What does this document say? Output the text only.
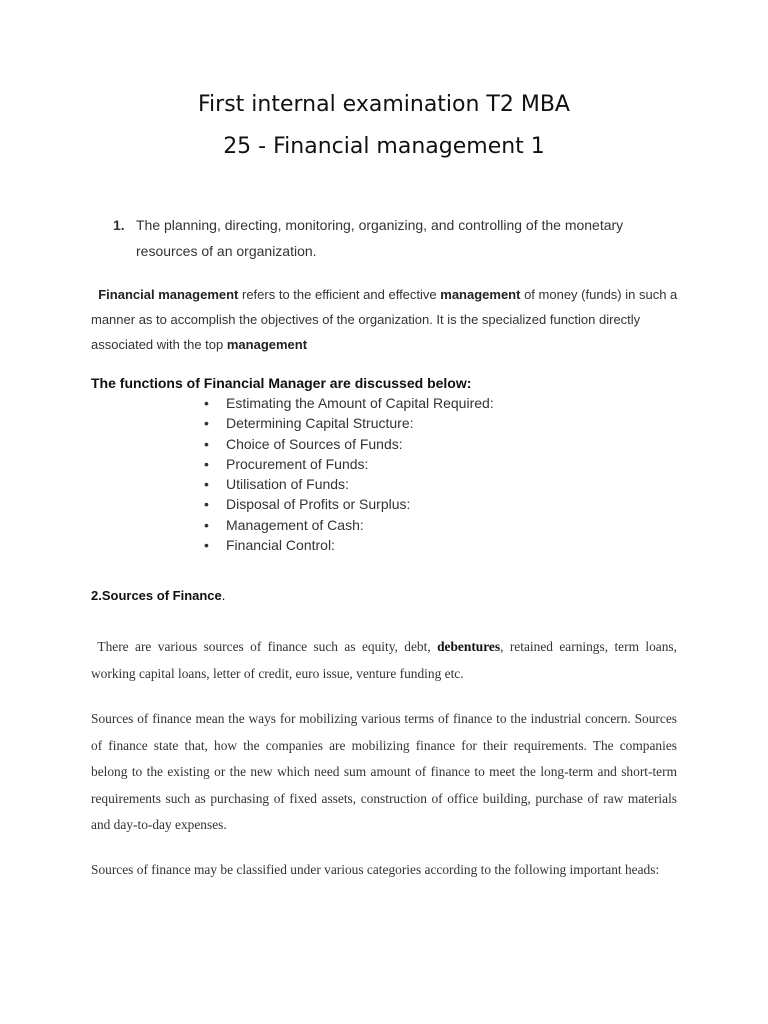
First internal examination T2 MBA
25 - Financial management 1
1. The planning, directing, monitoring, organizing, and controlling of the monetary resources of an organization.

Financial management refers to the efficient and effective management of money (funds) in such a manner as to accomplish the objectives of the organization. It is the specialized function directly associated with the top management

The functions of Financial Manager are discussed below:
• Estimating the Amount of Capital Required:
• Determining Capital Structure:
• Choice of Sources of Funds:
• Procurement of Funds:
• Utilisation of Funds:
• Disposal of Profits or Surplus:
• Management of Cash:
• Financial Control:
2.Sources of Finance.

There are various sources of finance such as equity, debt, debentures, retained earnings, term loans, working capital loans, letter of credit, euro issue, venture funding etc.

Sources of finance mean the ways for mobilizing various terms of finance to the industrial concern. Sources of finance state that, how the companies are mobilizing finance for their requirements. The companies belong to the existing or the new which need sum amount of finance to meet the long-term and short-term requirements such as purchasing of fixed assets, construction of office building, purchase of raw materials and day-to-day expenses.

Sources of finance may be classified under various categories according to the following important heads:
